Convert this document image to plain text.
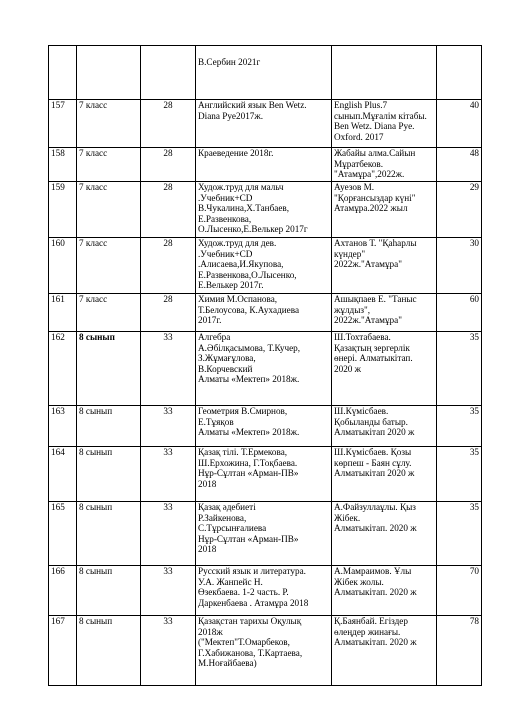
В.Сербин 2021г		
157	7 класс	28	Английский язык Ben Wetz.
Diana Pye2017ж.	English Plus.7
сынып.Мұғалім кітабы.
Ben Wetz. Diana Pye.
Oxford. 2017	40
158	7 класс	28	Краеведение 2018г.	Жабайы алма.Сайын
Мұратбеков.
"Атамұра",2022ж.	48
159	7 класс	28	Худож.труд для мальч
.Учебник+CD
В.Чукалина,Х.Танбаев,
Е.Развенкова,
О.Лысенко,Е.Велькер 2017г	Ауезов М.
"Қорғансыздар күні"
Атамұра.2022 жыл	29
160	7 класс	28	Худож.труд для дев.
.Учебник+CD
.Алисаева,И.Якупова,
Е.Развенкова,О.Лысенко,
Е.Велькер 2017г.	Ахтанов Т. "Қаһарлы
күндер"
2022ж."Атамұра"	30
161	7 класс	28	Химия М.Оспанова,
Т.Белоусова, К.Аухадиева
2017г.	Ашықпаев Е. "Таныс
жұлдыз",
2022ж."Атамұра"	60
162	8 сынып	33	Алгебра
А.Әбілқасымова, Т.Кучер,
З.Жұмағұлова,
В.Корчевский
Алматы «Мектеп» 2018ж.	Ш.Тохтабаева.
Қазақтың зергерлік
өнері. Алматыкітап.
2020 ж	35
163	8 сынып	33	Геометрия В.Смирнов,
Е.Тұяқов
Алматы «Мектеп» 2018ж.	Ш.Күмісбаев.
Қобыланды батыр.
Алматыкітап 2020 ж	35
164	8 сынып	33	Қазақ тілі. Т.Ермекова,
Ш.Ерхожина, Г.Тоқбаева.
Нұр-Сұлтан «Арман-ПВ»
2018	Ш.Күмісбаев. Қозы
көрпеш - Баян сұлу.
Алматыкітап 2020 ж	35
165	8 сынып	33	Қазақ әдебиеті
Р.Зайкенова,
С.Тұрсынғалиева
Нұр-Сұлтан «Арман-ПВ»
2018	А.Файзуллаұлы. Қыз
Жібек.
Алматыкітап. 2020 ж	35
166	8 сынып	33	Русский язык и литература.
У.А. Жанпейс Н.
Өзекбаева. 1-2 часть. Р.
Даркенбаева . Атамұра 2018	А.Мамраимов. Ұлы
Жібек жолы.
Алматыкітап. 2020 ж	70
167	8 сынып	33	Қазақстан тарихы Оқулық
2018ж
("Мектеп"Т.Омарбеков,
Г.Хабижанова, Т.Картаева,
М.Ноғайбаева)	Қ.Баянбай. Егіздер
өлеңдер жинағы.
Алматыкітап. 2020 ж	78
